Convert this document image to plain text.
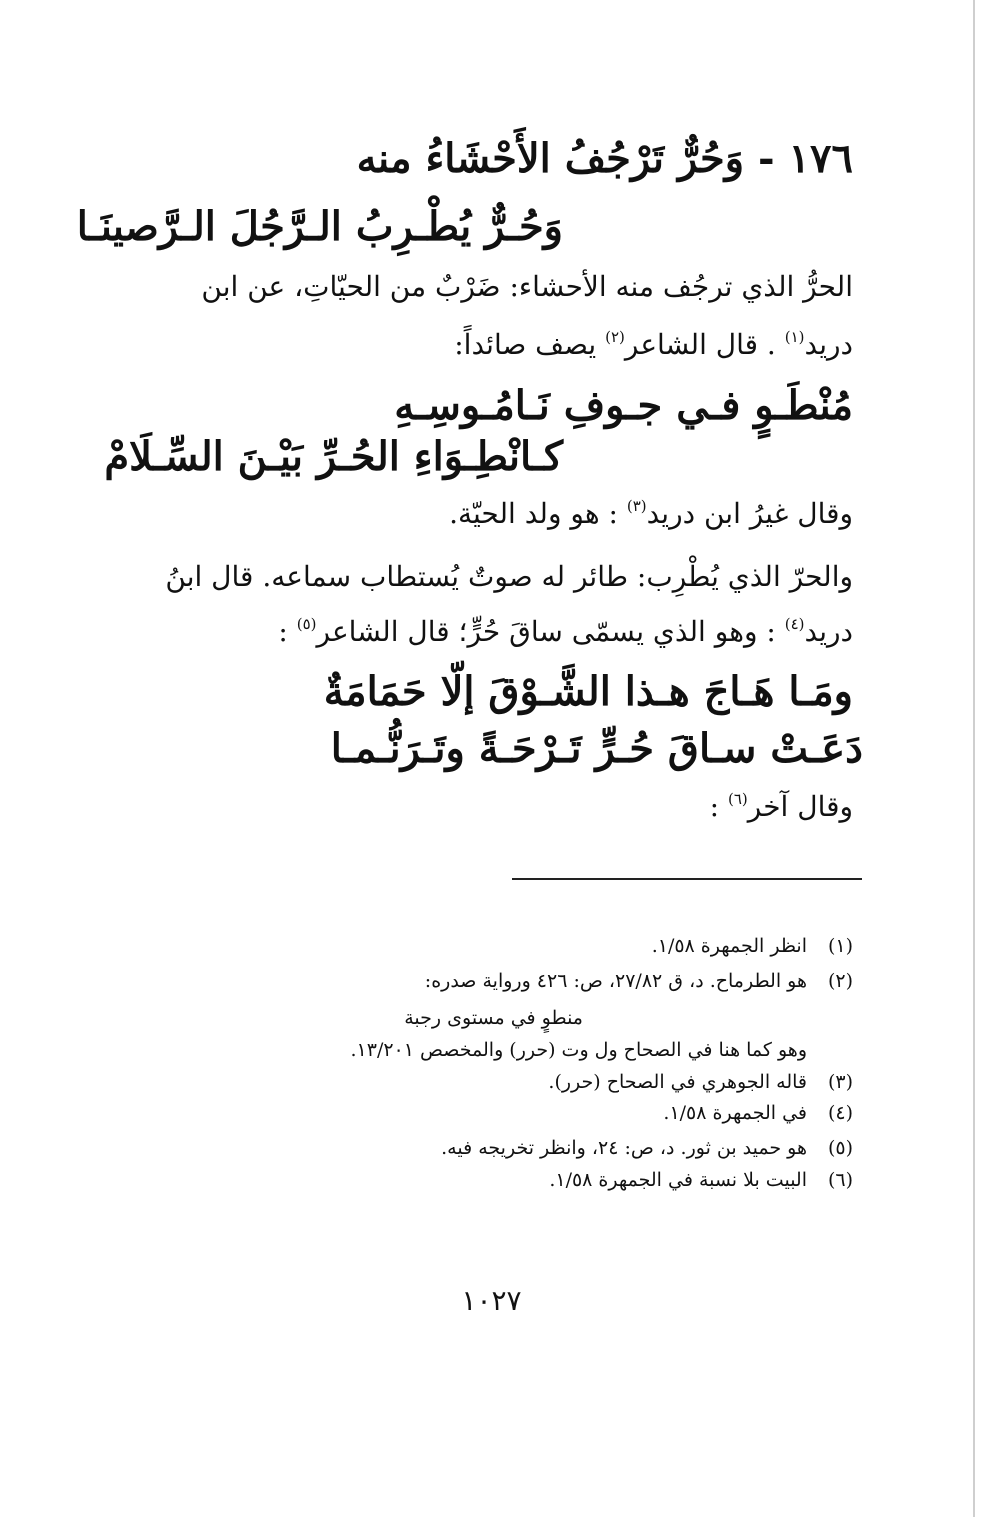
١٧٦ - وَحُرٌّ تَرْجُفُ الأَحْشَاءُ منه
وَحُـرٌّ يُطْـرِبُ الـرَّجُلَ الـرَّصينَـا
الحرُّ الذي ترجُف منه الأحشاء: ضَرْبٌ من الحيّاتِ، عن ابن
دريد$^{(١)}$ . قال الشاعر$^{(٢)}$ يصف صائداً:
مُنْطَـوٍ فـي جـوفِ نَـامُـوسِـهِ
كـانْطِـوَاءِ الحُـرِّ بَيْـنَ السِّـلَامْ
وقال غيرُ ابن دريد$^{(٣)}$ : هو ولد الحيّة.
والحرّ الذي يُطْرِب: طائر له صوتٌ يُستطاب سماعه. قال ابنُ
دريد$^{(٤)}$ : وهو الذي يسمّى ساقَ حُرٍّ؛ قال الشاعر$^{(٥)}$ :
ومَـا هَـاجَ هـذا الشَّـوْقَ إلّا حَمَامَةٌ
دَعَـتْ سـاقَ حُـرٍّ تَـرْحَـةً وتَـرَنُّـمـا
وقال آخر$^{(٦)}$ :
(١)انظر الجمهرة ١/٥٨.
(٢)هو الطرماح. د، ق ٢٧/٨٢، ص: ٤٢٦ ورواية صدره:
منطوٍ في مستوى رجبة
وهو كما هنا في الصحاح ول وت (حرر) والمخصص ١٣/٢٠١.
(٣)قاله الجوهري في الصحاح (حرر).
(٤)في الجمهرة ١/٥٨.
(٥)هو حميد بن ثور. د، ص: ٢٤، وانظر تخريجه فيه.
(٦)البيت بلا نسبة في الجمهرة ١/٥٨.
١٠٢٧
